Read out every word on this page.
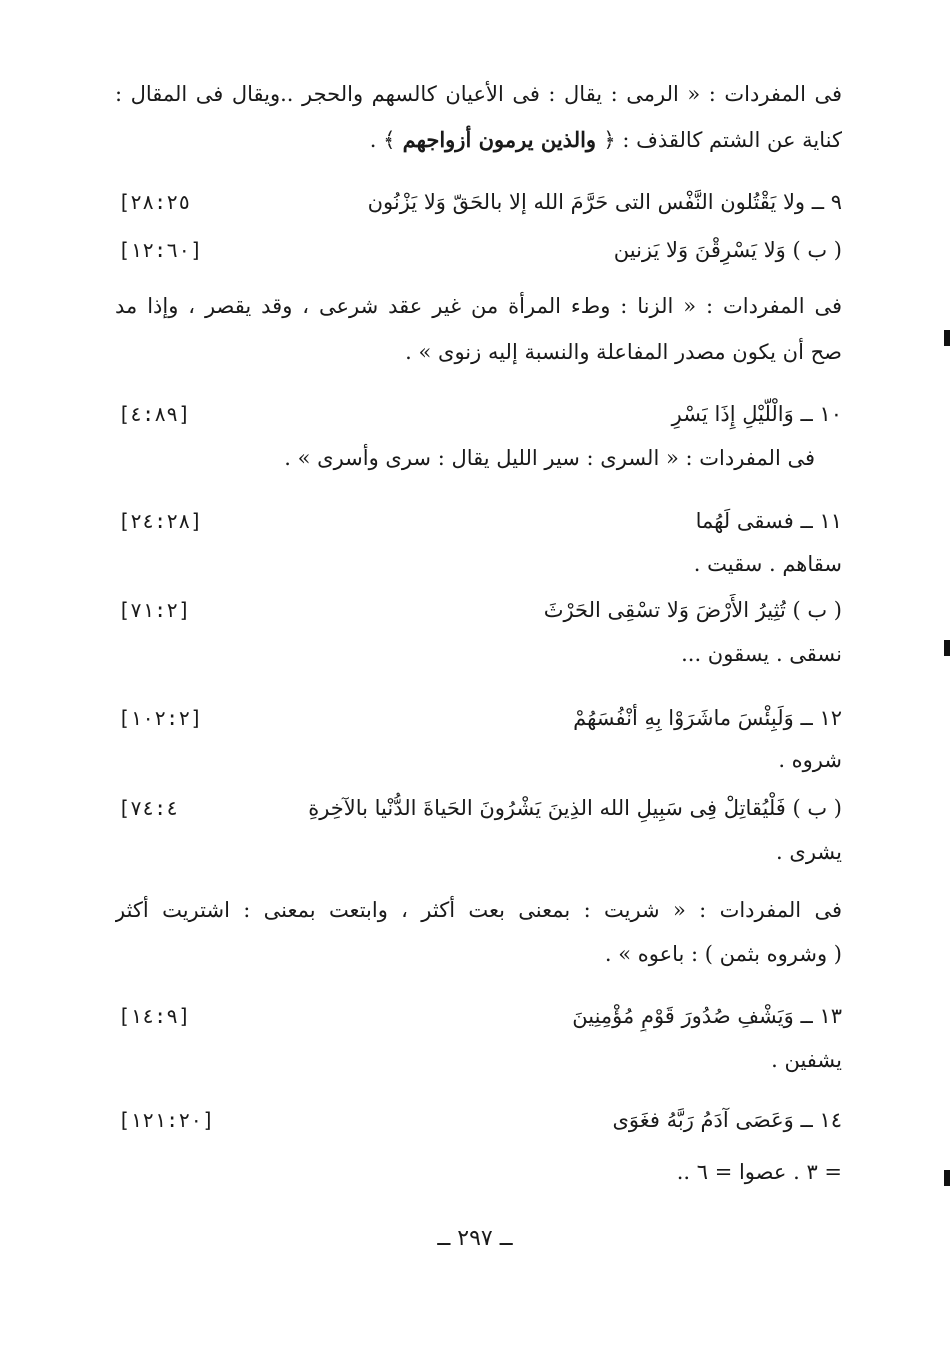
فى المفردات : « الرمى : يقال : فى الأعيان كالسهم والحجر ..ويقال فى المقال :
كناية عن الشتم كالقذف : ﴿ والذين يرمون أزواجهم ﴾ .
٩ ــ ولا يَقْتُلون النَّفْس التى حَرَّمَ الله إلا بالحَقّ وَلا يَزْنُون
[٢٨:٢٥
( ب ) وَلا يَسْرِقْنَ وَلا يَزنين
[١٢:٦٠]
فى المفردات : « الزنا : وطء المرأة من غير عقد شرعى ، وقد يقصر ، وإذا مد
صح أن يكون مصدر المفاعلة والنسبة إليه زنوى » .
١٠ ــ وَالْلَّيْلِ إِذَا يَسْرِ
[٤:٨٩]
فى المفردات : « السرى : سير الليل يقال : سرى وأسرى » .
١١ ــ فسقى لَهُما
[٢٤:٢٨]
سقاهم . سقيت .
( ب ) تُثِيرُ الأَرْضَ وَلا تسْقِى الحَرْثَ
[٧١:٢]
نسقى . يسقون ...
١٢ ــ وَلَبِئْسَ ماشَرَوْا بِهِ أنْفُسَهُمْ
[١٠٢:٢]
شروه .
( ب ) فَلْيُقاتِلْ فِى سَبِيلِ الله الذِينَ يَشْرُونَ الحَياةَ الدُّنْيا بالآخِرةِ
[٧٤:٤
يشرى .
فى المفردات : « شريت : بمعنى بعت أكثر ، وابتعت بمعنى : اشتريت أكثر
( وشروه بثمن ) : باعوه » .
١٣ ــ وَيَشْفِ صُدُورَ قَوْمٍ مُؤْمِنِينَ
[١٤:٩]
يشفين .
١٤ ــ وَعَصَى آدَمُ رَبَّهُ فغَوَى
[١٢١:٢٠]
= ٣ . عصوا = ٦ ..
ــ ٢٩٧ ــ
